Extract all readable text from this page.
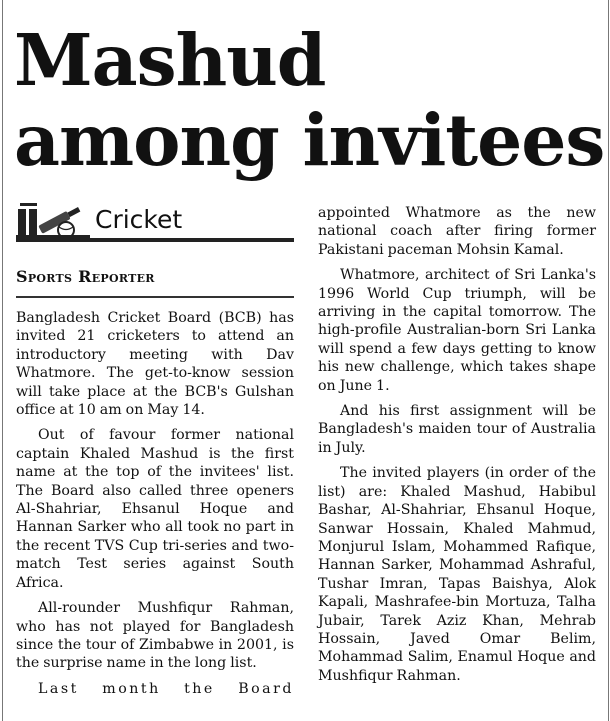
Mashud among invitees
Cricket
Sports Reporter

Bangladesh Cricket Board (BCB) has invited 21 cricketers to attend an introductory meeting with Dav Whatmore. The get-to-know session will take place at the BCB's Gulshan office at 10 am on May 14.

Out of favour former national captain Khaled Mashud is the first name at the top of the invitees' list. The Board also called three openers Al-Shahriar, Ehsanul Hoque and Hannan Sarker who all took no part in the recent TVS Cup tri-series and two-match Test series against South Africa.

All-rounder Mushfiqur Rahman, who has not played for Bangladesh since the tour of Zimbabwe in 2001, is the surprise name in the long list.

Last month the Board

appointed Whatmore as the new national coach after firing former Pakistani paceman Mohsin Kamal.

Whatmore, architect of Sri Lanka's 1996 World Cup triumph, will be arriving in the capital tomorrow. The high-profile Australian-born Sri Lanka will spend a few days getting to know his new challenge, which takes shape on June 1.

And his first assignment will be Bangladesh's maiden tour of Australia in July.

The invited players (in order of the list) are: Khaled Mashud, Habibul Bashar, Al-Shahriar, Ehsanul Hoque, Sanwar Hossain, Khaled Mahmud, Monjurul Islam, Mohammed Rafique, Hannan Sarker, Mohammad Ashraful, Tushar Imran, Tapas Baishya, Alok Kapali, Mashrafee-bin Mortuza, Talha Jubair, Tarek Aziz Khan, Mehrab Hossain, Javed Omar Belim, Mohammad Salim, Enamul Hoque and Mushfiqur Rahman.
